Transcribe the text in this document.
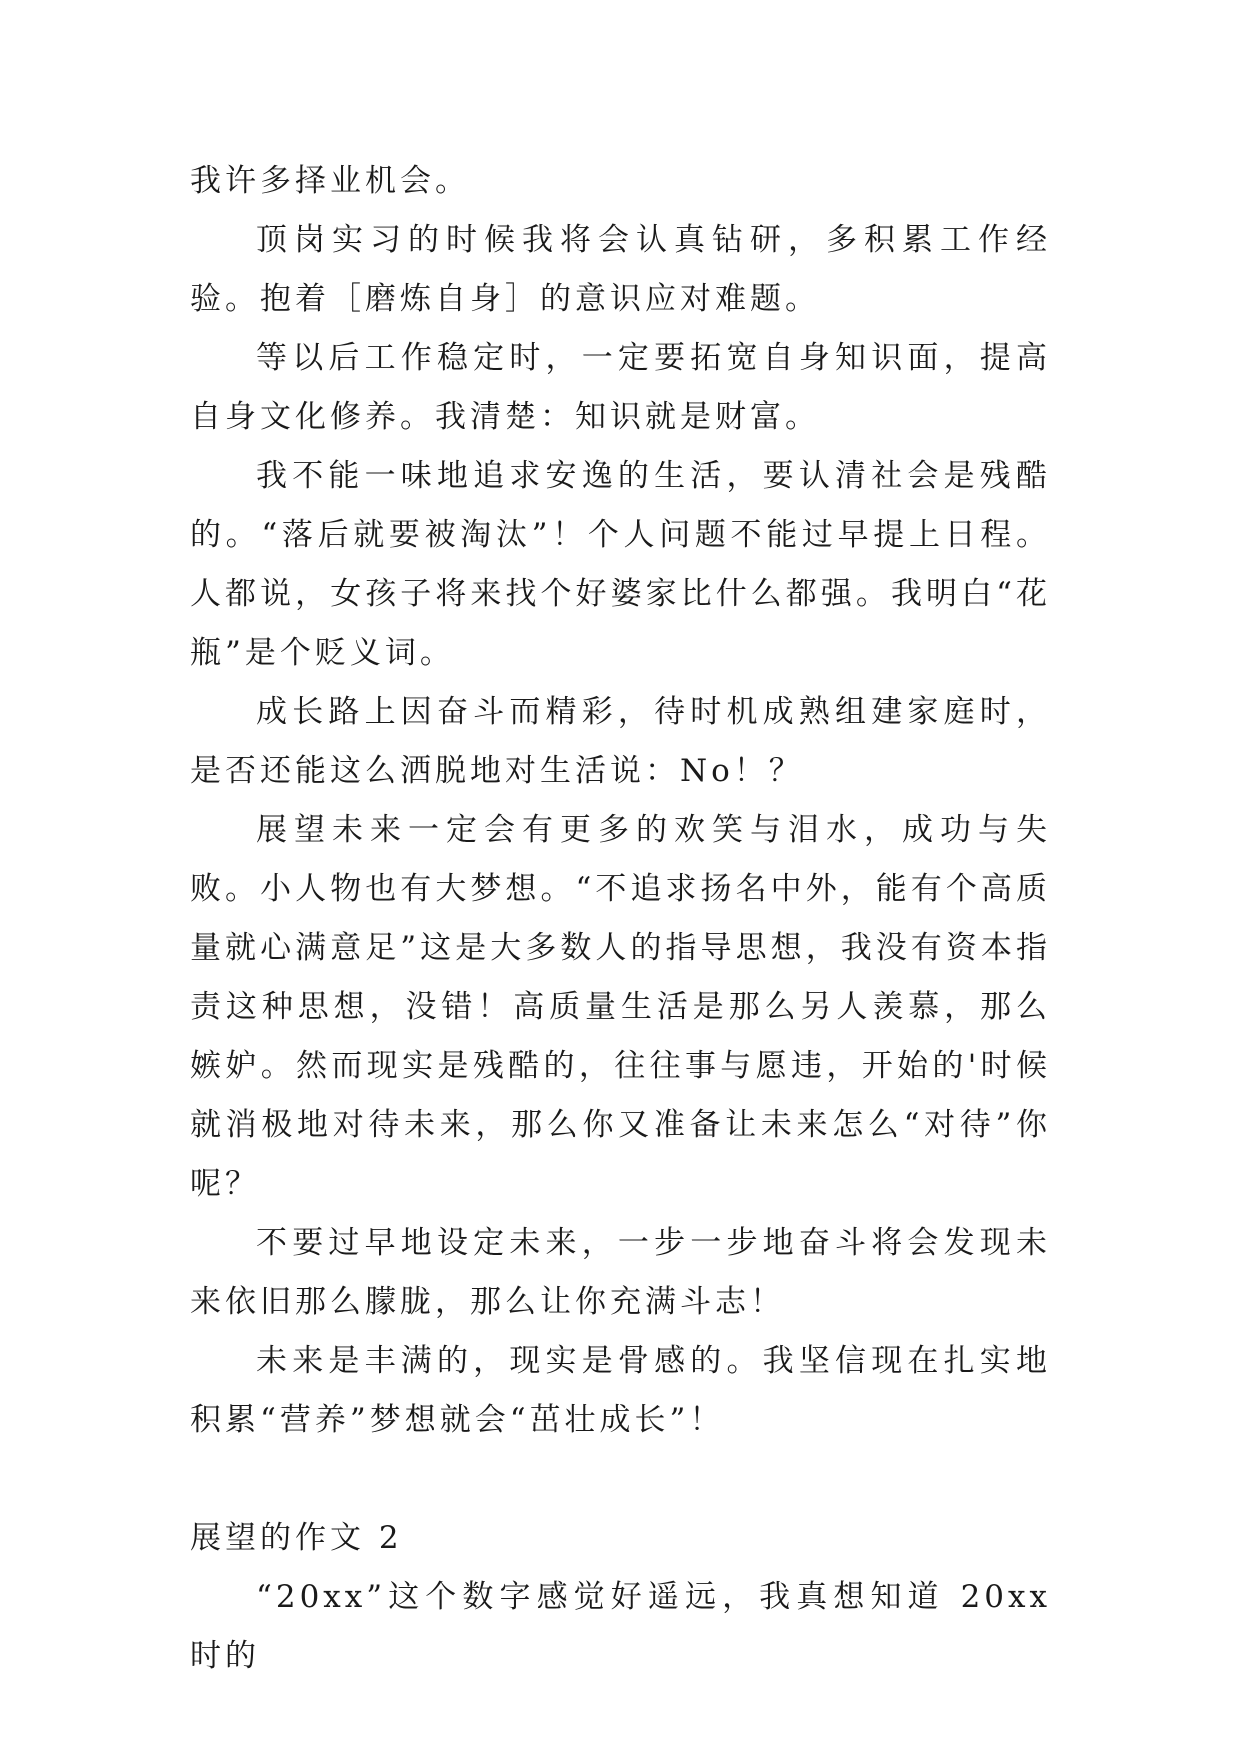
我许多择业机会。

顶岗实习的时候我将会认真钻研，多积累工作经验。抱着［磨炼自身］的意识应对难题。

等以后工作稳定时，一定要拓宽自身知识面，提高自身文化修养。我清楚：知识就是财富。

我不能一味地追求安逸的生活，要认清社会是残酷的。“落后就要被淘汰”！个人问题不能过早提上日程。人都说，女孩子将来找个好婆家比什么都强。我明白“花瓶”是个贬义词。

成长路上因奋斗而精彩，待时机成熟组建家庭时，是否还能这么洒脱地对生活说：No！？

展望未来一定会有更多的欢笑与泪水，成功与失败。小人物也有大梦想。“不追求扬名中外，能有个高质量就心满意足”这是大多数人的指导思想，我没有资本指责这种思想，没错！高质量生活是那么另人羡慕，那么嫉妒。然而现实是残酷的，往往事与愿违，开始的'时候就消极地对待未来，那么你又准备让未来怎么“对待”你呢？

不要过早地设定未来，一步一步地奋斗将会发现未来依旧那么朦胧，那么让你充满斗志！

未来是丰满的，现实是骨感的。我坚信现在扎实地积累“营养”梦想就会“茁壮成长”！

展望的作文 2

“20xx”这个数字感觉好遥远，我真想知道 20xx 时的
